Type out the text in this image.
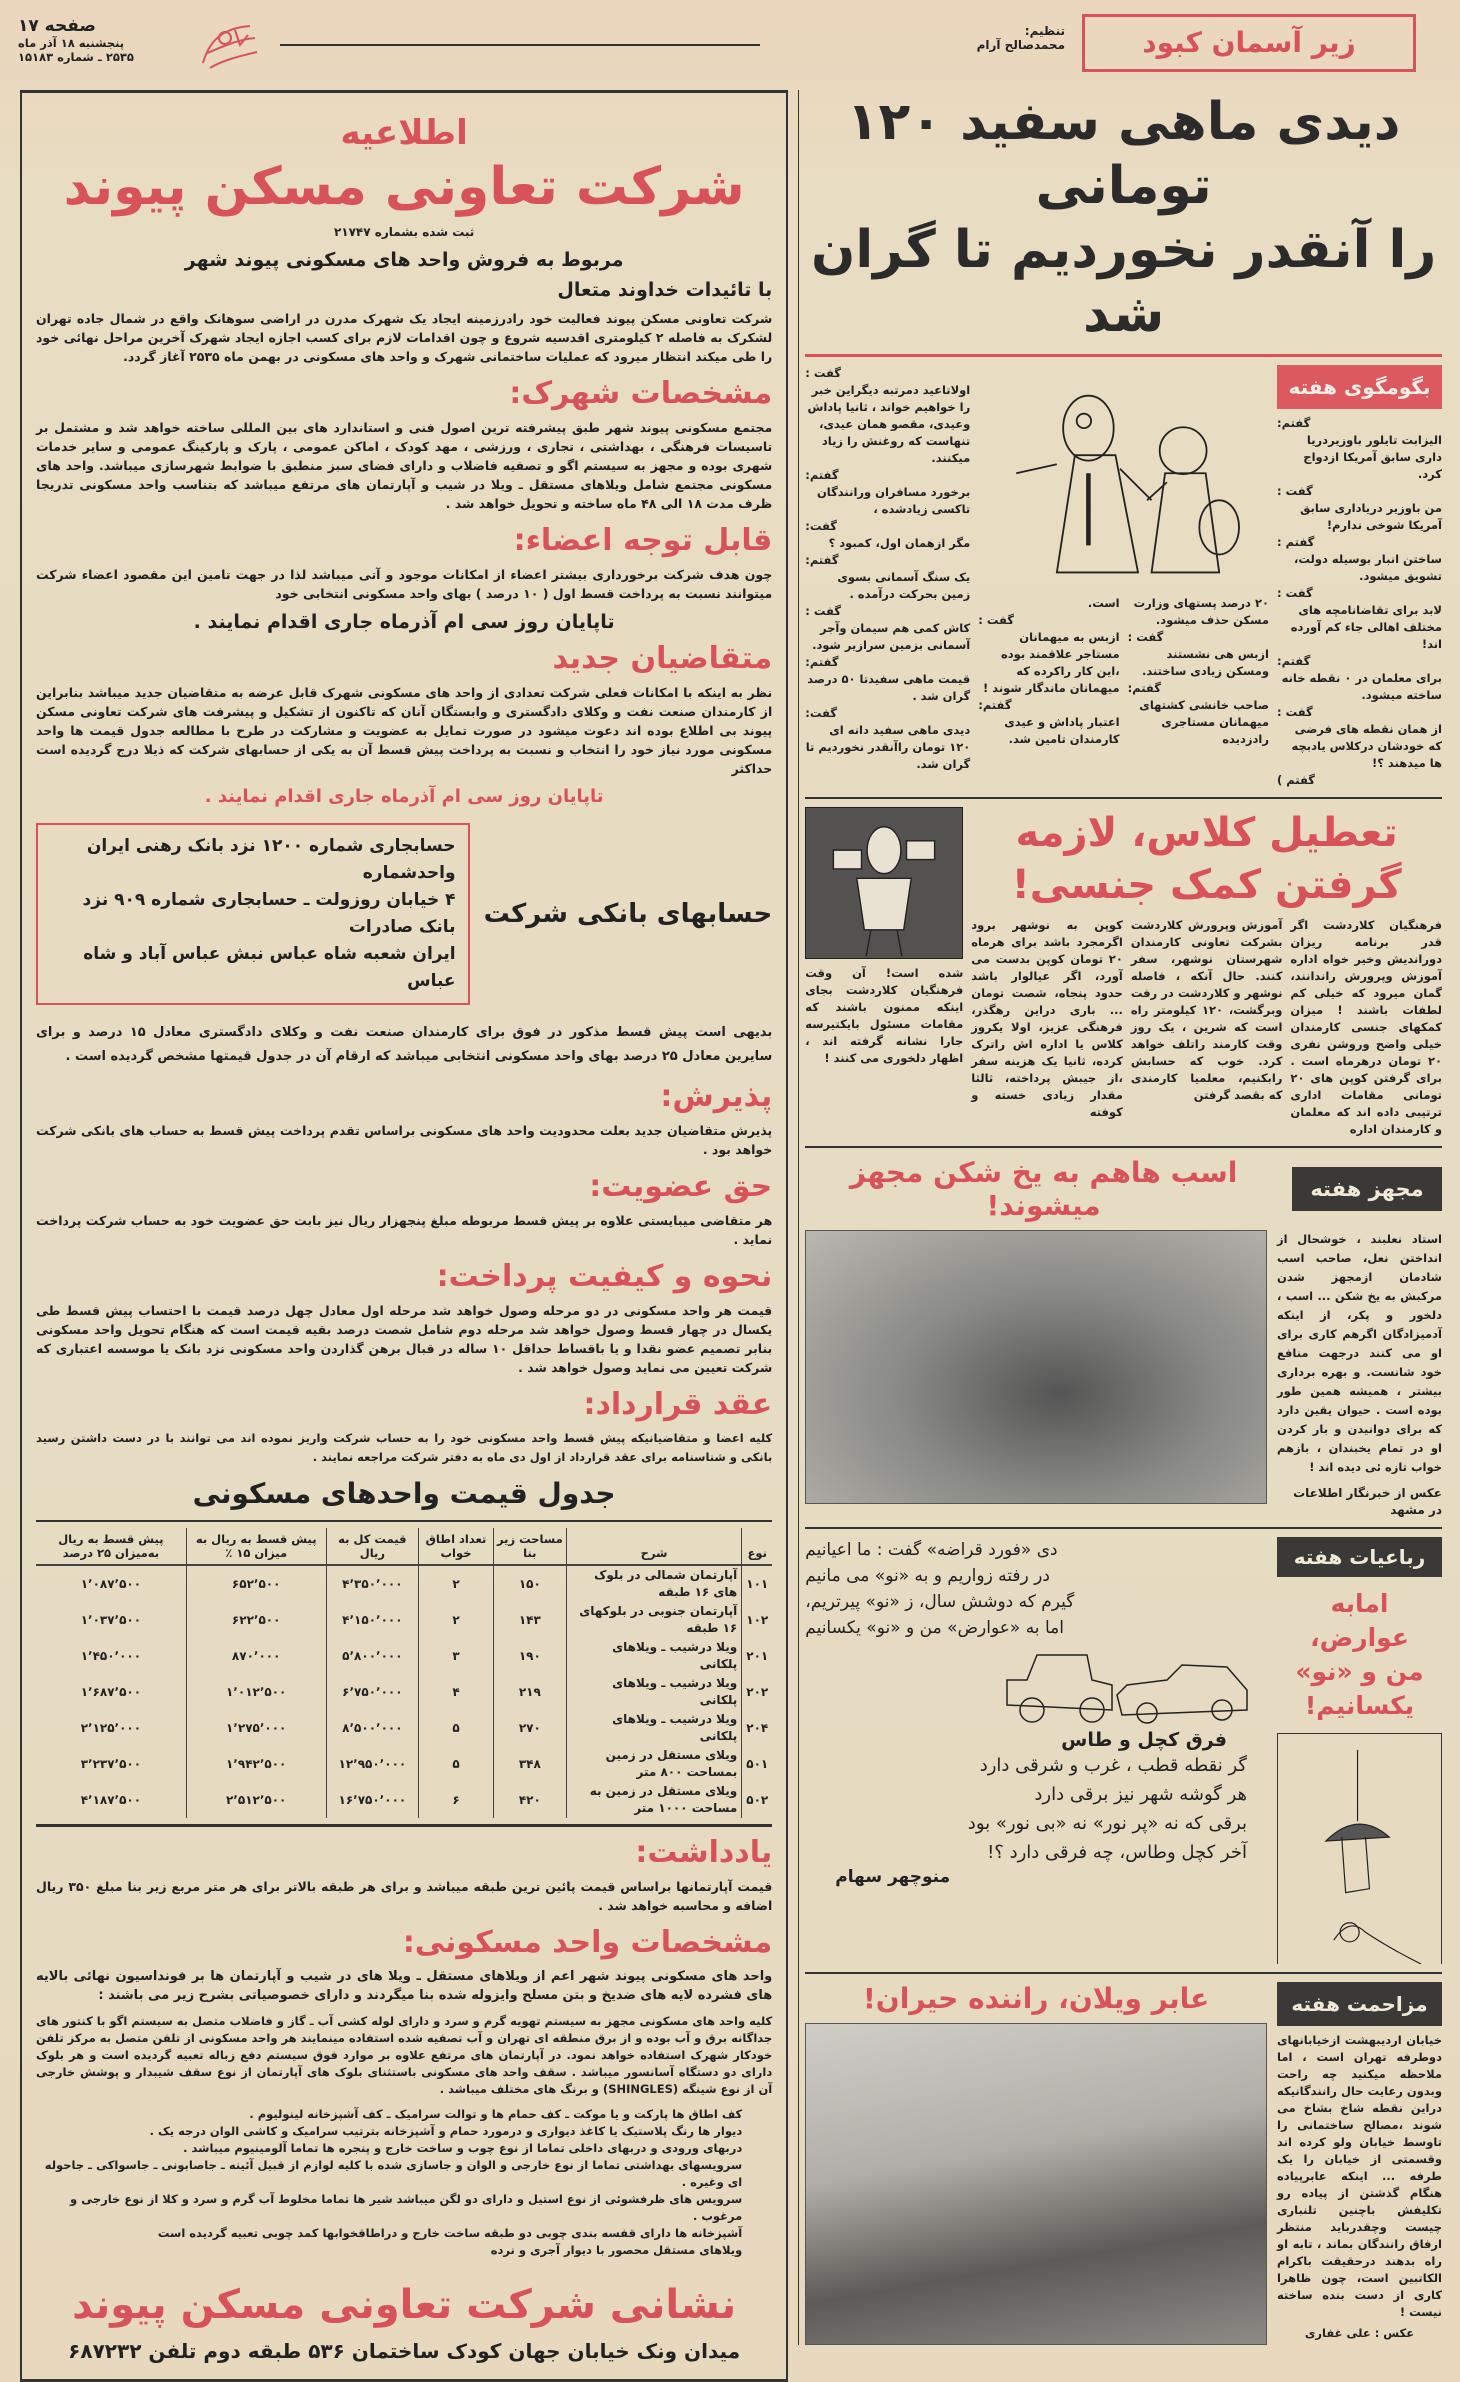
صفحه ۱۷
پنجشنبه ۱۸ آذر ماه
۲۵۳۵ ـ شماره ۱۵۱۸۳
تنظیم:
محمدصالح آرام	زیر آسمان کبود
دیدی ماهی سفید ۱۲۰ تومانی
را آنقدر نخوردیم تا گران شد
بگومگوی هفته
گفتم:
الیزابت تایلور باوزیردریا داری سابق آمریکا ازدواج کرد.
گفت :
من باوزیر دریاداری سابق آمریکا شوخی ندارم!
گفتم :
ساختن انبار بوسیله دولت، تشویق میشود.
گفت :
لابد برای تقاضانامچه های مختلف اهالی جاء کم آورده اند!
گفتم:
برای معلمان در ۰ نقطه خانه ساخته میشود.
گفت :
از همان نقطه های فرضی که خودشان درکلاس یادبچه ها میدهند ؟!
گفتم )
۲۰ درصد پستهای وزارت مسکن حذف میشود.
گفت :
ازبس هی نشستند ومسکن زیادی ساختند.
گفتم:
صاحب خانشی کشتهای میهمانان مستاجری رادزدیده
است.
گفت :
ازبس به میهمانان مستاجر علاقمند بوده ،این کار راکرده که میهمانان ماندگار شوند !
گفتم:
اعتبار پاداش و عیدی کارمندان تامین شد.
گفت :
اولاتاعید دمرتبه دیگراین خبر را خواهیم خواند ، ثانیا پاداش وعیدی، مقصو همان عیدی، تنهاست که روغنش را زیاد میکنند.
گفتم:
برخورد مسافران ورانندگان تاکسی زیادشده ،
گفت:
مگر ازهمان اول، کمبود ؟
گفتم:
یک سنگ آسمانی بسوی زمین بحرکت درآمده .
گفت :
کاش کمی هم سیمان وآجر آسمانی بزمین سرازیر شود.
گفتم:
قیمت ماهی سفیدتا ۵۰ درصد گران شد .
گفت:
دیدی ماهی سفید دانه ای ۱۲۰ تومان راآنقدر نخوردیم تا گران شد.
تعطیل کلاس، لازمه
گرفتن کمک جنسی!
فرهنگیان کلاردشت اگر قدر برنامه ریزان دوراندیش وخیر خواه اداره آموزش وپرورش راندانند، گمان میرود که خیلی کم لطفات باشند ! میزان کمکهای جنسی کارمندان خیلی واضح وروشن نفری ۲۰ تومان درهرماه است . برای گرفتن کوپن های ۲۰ تومانی مقامات اداری ترتیبی داده اند که معلمان و کارمندان اداره
آموزش وپرورش کلاردشت بشرکت تعاونی کارمندان شهرستان نوشهر، سفر کنند. حال آنکه ، فاصله نوشهر و کلاردشت در رفت وبرگشت، ۱۲۰ کیلومتر راه است که شرین ، یک روز وقت کارمند راتلف خواهد کرد. خوب که حسابش رابکنیم، معلمیا کارمندی که بقصد گرفتن
کوپن به نوشهر برود اگرمجرد باشد برای هرماه ۲۰ تومان کوپن بدست می آورد، اگر عیالوار باشد حدود پنجاه، شصت تومان ... باری دراین رهگذر، فرهنگی عزیز، اولا یکروز کلاس یا اداره اش راترک کرده، ثانیا یک هزینه سفر ،از جیبش پرداخته، ثالثا مقدار زیادی خسته و کوفته
شده است! آن وقت فرهنگیان کلاردشت بجای اینکه ممنون باشند که مقامات مسئول بایکتیرسه جارا نشانه گرفته اند ، اظهار دلخوری می کنند !
مجهز هفته
اسب هاهم به یخ شکن مجهز میشوند!
استاد نعلبند ، خوشحال از انداختن نعل، صاحب اسب شادمان ازمجهز شدن مرکبش به یخ شکن ... اسب ، دلخور و پکر، از اینکه آدمیزادگان اگرهم کاری برای او می کنند درجهت منافع خود شانست. و بهره برداری بیشتر ، همیشه همین طور بوده است . حیوان یقین دارد که برای دوانیدن و بار کردن او در تمام یخبندان ، بازهم خواب تازه ئی دیده اند !
عکس از خبرنگار اطلاعات در مشهد
رباعیات هفته
امابه عوارض،
من و «نو» یکسانیم!
دی «فورد قراضه» گفت : ما اعیانیم
در رفته زواریم و به «نو» می مانیم
گیرم که دوشش سال، ز «نو» پیرتریم،
اما به «عوارض» من و «نو» یکسانیم
فرق کچل و طاس
گر نقطه قطب ، غرب و شرقی دارد
هر گوشه شهر نیز برقی دارد
برقی که نه «پر نور» نه «بی نور» بود
آخر کچل وطاس، چه فرقی دارد ؟!
منوچهر سهام
مزاحمت هفته
خیابان اردیبهشت ازخیابانهای دوطرفه تهران است ، اما ملاحظه میکنید چه راحت وبدون رعایت حال رانندگانیکه دراین نقطه شاخ بشاخ می شوند ،مصالح ساختمانی را تاوسط خیابان ولو کرده اند وقسمتی از خیابان را یک طرفه ... اینکه عابرپیاده هنگام گذشتن از پیاده رو تکلیفش باچنین تلنباری چیست وچقدرباید منتظر ارفاق رانندگان بماند ، تابه او راه بدهند درحقیقت باکرام الکاتبین است، چون ظاهرا کاری از دست بنده ساخته نیست !
عکس : علی غفاری
عابر ویلان، راننده حیران!
اطلاعیه
شرکت تعاونی مسکن پیوند
ثبت شده بشماره ۲۱۷۴۷
مربوط به فروش واحد های مسکونی پیوند شهر
با تائیدات خداوند متعال
شرکت تعاونی مسکن پیوند فعالیت خود رادرزمینه ایجاد یک شهرک مدرن در اراضی سوهانک واقع در شمال جاده تهران لشکرک به فاصله ۲ کیلومتری اقدسیه شروع و چون اقدامات لازم برای کسب اجازه ایجاد شهرک آخرین مراحل نهائی خود را طی میکند انتظار میرود که عملیات ساختمانی شهرک و واحد های مسکونی در بهمن ماه ۲۵۳۵ آغاز گردد.
مشخصات شهرک:
مجتمع مسکونی پیوند شهر طبق پیشرفته ترین اصول فنی و استاندارد های بین المللی ساخته خواهد شد و مشتمل بر تاسیسات فرهنگی ، بهداشتی ، تجاری ، ورزشی ، مهد کودک ، اماکن عمومی ، پارک و پارکینگ عمومی و سایر خدمات شهری بوده و مجهز به سیستم اگو و تصفیه فاضلاب و دارای فضای سبز منطبق با ضوابط شهرسازی میباشد. واحد های مسکونی مجتمع شامل ویلاهای مستقل ـ ویلا در شیب و آپارتمان های مرتفع میباشد که بتناسب واحد مسکونی تدریجا ظرف مدت ۱۸ الی ۴۸ ماه ساخته و تحویل خواهد شد .
قابل توجه اعضاء:
چون هدف شرکت برخورداری بیشتر اعضاء از امکانات موجود و آتی میباشد لذا در جهت تامین این مقصود اعضاء شرکت میتوانند نسبت به پرداخت قسط اول ( ۱۰ درصد ) بهای واحد مسکونی انتخابی خود
تاپایان روز سی ام آذرماه جاری اقدام نمایند .
متقاضیان جدید
نظر به اینکه با امکانات فعلی شرکت تعدادی از واحد های مسکونی شهرک قابل عرضه به متقاضیان جدید میباشد بنابراین از کارمندان صنعت نفت و وکلای دادگستری و وابستگان آنان که تاکنون از تشکیل و پیشرفت های شرکت تعاونی مسکن پیوند بی اطلاع بوده اند دعوت میشود در صورت تمایل به عضویت و مشارکت در طرح با مطالعه جدول قیمت ها واحد مسکونی مورد نیاز خود را انتخاب و نسبت به پرداخت پیش قسط آن به یکی از حسابهای شرکت که ذیلا درج گردیده است حداکثر
تاپایان روز سی ام آذرماه جاری اقدام نمایند .
حسابهای بانکی شرکت
حسابجاری شماره ۱۲۰۰ نزد بانک رهنی ایران واحدشماره
۴ خیابان روزولت ـ حسابجاری شماره ۹۰۹ نزد بانک صادرات
ایران شعبه شاه عباس نبش عباس آباد و شاه عباس
بدیهی است پیش قسط مذکور در فوق برای کارمندان صنعت نفت و وکلای دادگستری معادل ۱۵ درصد و برای سایرین معادل ۲۵ درصد بهای واحد مسکونی انتخابی میباشد که ارقام آن در جدول قیمتها مشخص گردیده است .
پذیرش:
پذیرش متقاضیان جدید بعلت محدودیت واحد های مسکونی براساس تقدم پرداخت پیش قسط به حساب های بانکی شرکت خواهد بود .
حق عضویت:
هر متقاضی میبایستی علاوه بر پیش قسط مربوطه مبلغ پنجهزار ریال نیز بابت حق عضویت خود به حساب شرکت پرداخت نماید .
نحوه و کیفیت پرداخت:
قیمت هر واحد مسکونی در دو مرحله وصول خواهد شد مرحله اول معادل چهل درصد قیمت با احتساب پیش قسط طی یکسال در چهار قسط وصول خواهد شد مرحله دوم شامل شصت درصد بقیه قیمت است که هنگام تحویل واحد مسکونی بنابر تصمیم عضو نقدا و یا باقساط حداقل ۱۰ ساله در قبال برهن گذاردن واحد مسکونی نزد بانک یا موسسه اعتباری که شرکت تعیین می نماید وصول خواهد شد .
عقد قرارداد:
کلیه اعضا و متقاضیانیکه پیش قسط واحد مسکونی خود را به حساب شرکت واریز نموده اند می توانند با در دست داشتن رسید بانکی و شناسنامه برای عقد قرارداد از اول دی ماه به دفتر شرکت مراجعه نمایند .
جدول قیمت واحدهای مسکونی
نوع	شرح	مساحت زیر بنا	تعداد اطاق خواب	قیمت کل به ریال	پیش قسط به ریال به میزان ۱۵ ٪	پیش قسط به ریال به‌میزان ۲۵ درصد
۱۰۱	آپارتمان شمالی در بلوک های ۱۶ طبقه	۱۵۰	۲	۴٬۳۵۰٬۰۰۰	۶۵۲٬۵۰۰	۱٬۰۸۷٬۵۰۰
۱۰۲	آپارتمان جنوبی در بلوکهای ۱۶ طبقه	۱۴۳	۲	۴٬۱۵۰٬۰۰۰	۶۲۲٬۵۰۰	۱٬۰۳۷٬۵۰۰
۲۰۱	ویلا درشیب ـ ویلاهای پلکانی	۱۹۰	۳	۵٬۸۰۰٬۰۰۰	۸۷۰٬۰۰۰	۱٬۴۵۰٬۰۰۰
۲۰۲	ویلا درشیب ـ ویلاهای پلکانی	۲۱۹	۴	۶٬۷۵۰٬۰۰۰	۱٬۰۱۲٬۵۰۰	۱٬۶۸۷٬۵۰۰
۲۰۴	ویلا درشیب ـ ویلاهای پلکانی	۲۷۰	۵	۸٬۵۰۰٬۰۰۰	۱٬۲۷۵٬۰۰۰	۲٬۱۲۵٬۰۰۰
۵۰۱	ویلای مستقل در زمین بمساحت ۸۰۰ متر	۳۴۸	۵	۱۲٬۹۵۰٬۰۰۰	۱٬۹۴۲٬۵۰۰	۳٬۲۳۷٬۵۰۰
۵۰۲	ویلای مستقل در زمین به مساحت ۱۰۰۰ متر	۴۲۰	۶	۱۶٬۷۵۰٬۰۰۰	۲٬۵۱۲٬۵۰۰	۴٬۱۸۷٬۵۰۰
یادداشت:
قیمت آپارتمانها براساس قیمت پائین ترین طبقه میباشد و برای هر طبقه بالاتر برای هر متر مربع زیر بنا مبلغ ۳۵۰ ریال اضافه و محاسبه خواهد شد .
مشخصات واحد مسکونی:
واحد های مسکونی پیوند شهر اعم از ویلاهای مستقل ـ ویلا های در شیب و آپارتمان ها بر فونداسیون نهائی بالایه های فشرده لایه های ضدیخ و بتن مسلح وایزوله شده بنا میگردند و دارای خصوصیاتی بشرح زیر می باشند :
کلیه واحد های مسکونی مجهز به سیستم تهویه گرم و سرد و دارای لوله کشی آب ـ گاز و فاضلاب متصل به سیستم اگو با کنتور های جداگانه برق و آب بوده و از برق منطقه ای تهران و آب تصفیه شده استفاده مینمایند هر واحد مسکونی از تلفن متصل به مرکز تلفن خودکار شهرک استفاده خواهد نمود. در آپارتمان های مرتفع علاوه بر موارد فوق سیستم دفع زباله تعبیه گردیده است و هر بلوک دارای دو دستگاه آسانسور میباشد . سقف واحد های مسکونی باستثنای بلوک های آپارتمان از نوع سقف شیبدار و پوشش خارجی آن از نوع شینگه (SHINGLES) و برنگ های مختلف میباشد .
کف اطاق ها پارکت و یا موکت ـ کف حمام ها و توالت سرامیک ـ کف آشپزخانه لینولیوم .
دیوار ها رنگ پلاستیک یا کاغذ دیواری و درمورد حمام و آشپزخانه بترتیب سرامیک و کاشی الوان درجه یک .
دربهای ورودی و دربهای داخلی تماما از نوع چوب و ساخت خارج و پنجره ها تماما آلومینیوم میباشد .
سرویسهای بهداشتی تماما از نوع خارجی و الوان و جاسازی شده با کلیه لوازم از قبیل آئینه ـ جاصابونی ـ جاسواکی ـ جاحوله ای وغیره .
سرویس های ظرفشوئی از نوع استیل و دارای دو لگن میباشد شیر ها تماما مخلوط آب گرم و سرد و کلا از نوع خارجی و مرغوب .
آشپزخانه ها دارای قفسه بندی چوبی دو طبقه ساخت خارج و دراطاقخوابها کمد چوبی تعبیه گردیده است
ویلاهای مستقل محصور با دیوار آجری و نرده
نشانی شرکت تعاونی مسکن پیوند
میدان ونک خیابان جهان کودک ساختمان ۵۳۶ طبقه دوم تلفن ۶۸۷۲۳۲
